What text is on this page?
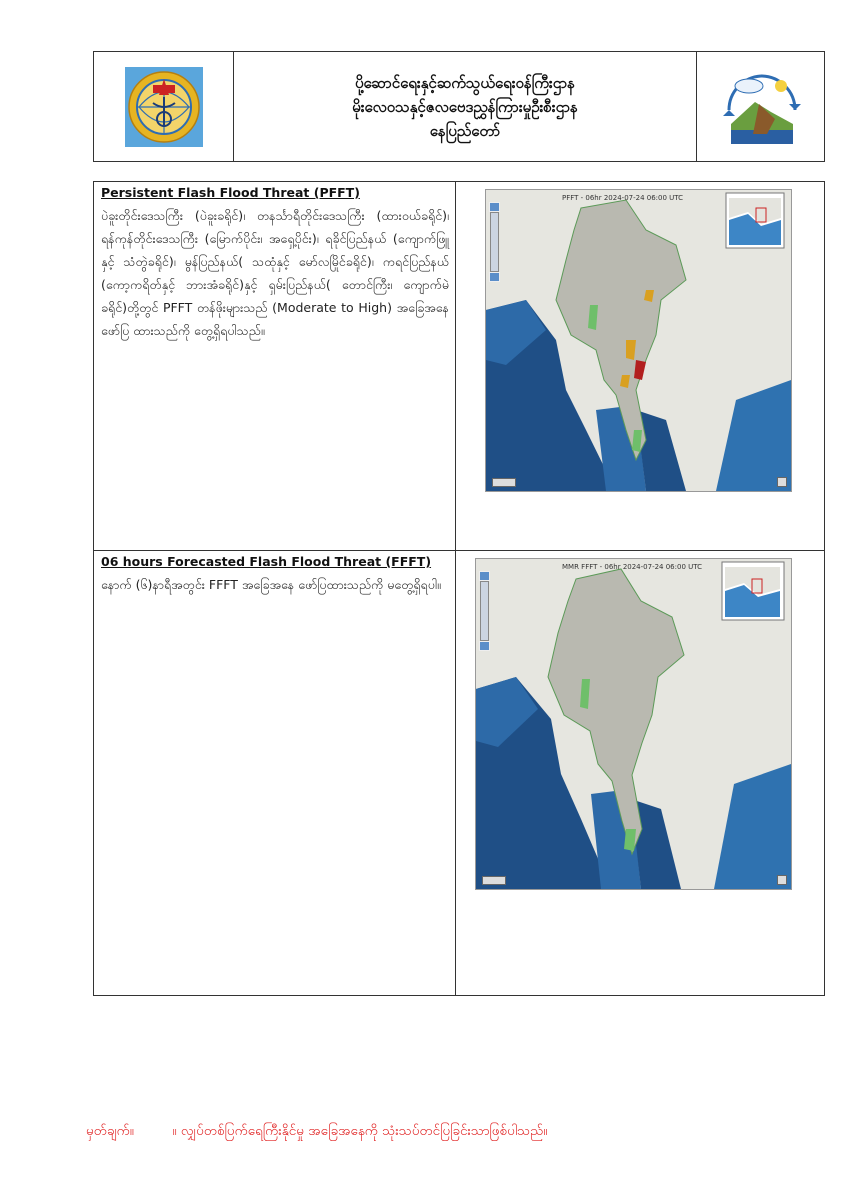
ပို့ဆောင်ရေးနှင့်ဆက်သွယ်ရေးဝန်ကြီးဌာန
မိုးလေဝသနှင့်ဇလဗေဒညွှန်ကြားမှုဦးစီးဌာန
နေပြည်တော်

Persistent Flash Flood Threat (PFFT)

ပဲခူးတိုင်းဒေသကြီး (ပဲခူးခရိုင်)၊ တနင်္သာရီတိုင်းဒေသကြီး (ထားဝယ်ခရိုင်)၊ ရန်ကုန်တိုင်းဒေသကြီး (မြောက်ပိုင်း၊ အရှေ့ပိုင်း)၊ ရခိုင်ပြည်နယ် (ကျောက်ဖြူနှင့် သံတွဲခရိုင်)၊ မွန်ပြည်နယ်( သထုံနှင့် မော်လမြိုင်ခရိုင်)၊ ကရင်ပြည်နယ် (ကော့ကရိတ်နှင့် ဘားအံခရိုင်)နှင့် ရှမ်းပြည်နယ်( တောင်ကြီး၊ ကျောက်မဲခရိုင်)တို့တွင် PFFT တန်ဖိုးများသည် (Moderate to High) အခြေအနေဖော်ပြ ထားသည်ကို တွေ့ရှိရပါသည်။

PFFT - 06hr 2024-07-24 06:00 UTC

06 hours Forecasted Flash Flood Threat (FFFT)

နောက် (၆)နာရီအတွင်း FFFT အခြေအနေ ဖော်ပြထားသည်ကို မတွေ့ရှိရပါ။

MMR FFFT - 06hr 2024-07-24 06:00 UTC
မှတ်ချက်။	။ လျှပ်တစ်ပြက်ရေကြီးနိုင်မှု အခြေအနေကို သုံးသပ်တင်ပြခြင်းသာဖြစ်ပါသည်။
